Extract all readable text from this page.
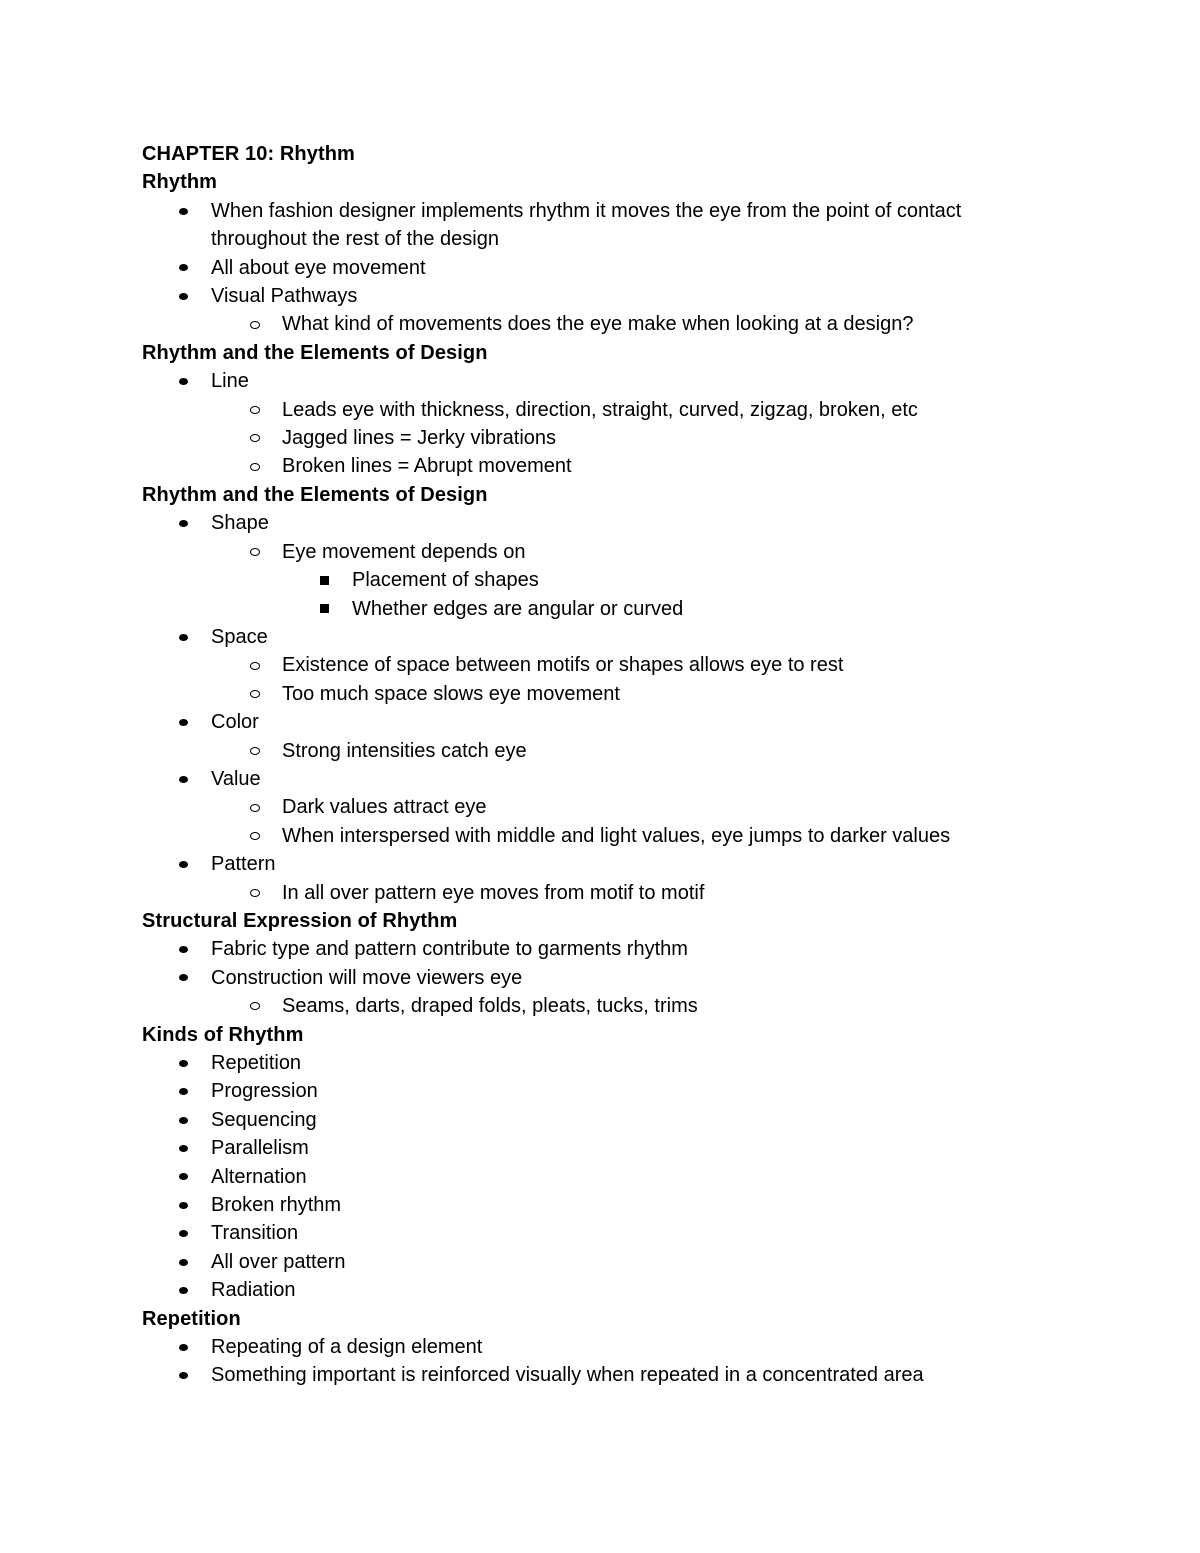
CHAPTER 10: Rhythm
Rhythm
When fashion designer implements rhythm it moves the eye from the point of contact throughout the rest of the design
All about eye movement
Visual Pathways
What kind of movements does the eye make when looking at a design?
Rhythm and the Elements of Design
Line
Leads eye with thickness, direction, straight, curved, zigzag, broken, etc
Jagged lines = Jerky vibrations
Broken lines = Abrupt movement
Rhythm and the Elements of Design
Shape
Eye movement depends on
Placement of shapes
Whether edges are angular or curved
Space
Existence of space between motifs or shapes allows eye to rest
Too much space slows eye movement
Color
Strong intensities catch eye
Value
Dark values attract eye
When interspersed with middle and light values, eye jumps to darker values
Pattern
In all over pattern eye moves from motif to motif
Structural Expression of Rhythm
Fabric type and pattern contribute to garments rhythm
Construction will move viewers eye
Seams, darts, draped folds, pleats, tucks, trims
Kinds of Rhythm
Repetition
Progression
Sequencing
Parallelism
Alternation
Broken rhythm
Transition
All over pattern
Radiation
Repetition
Repeating of a design element
Something important is reinforced visually when repeated in a concentrated area
